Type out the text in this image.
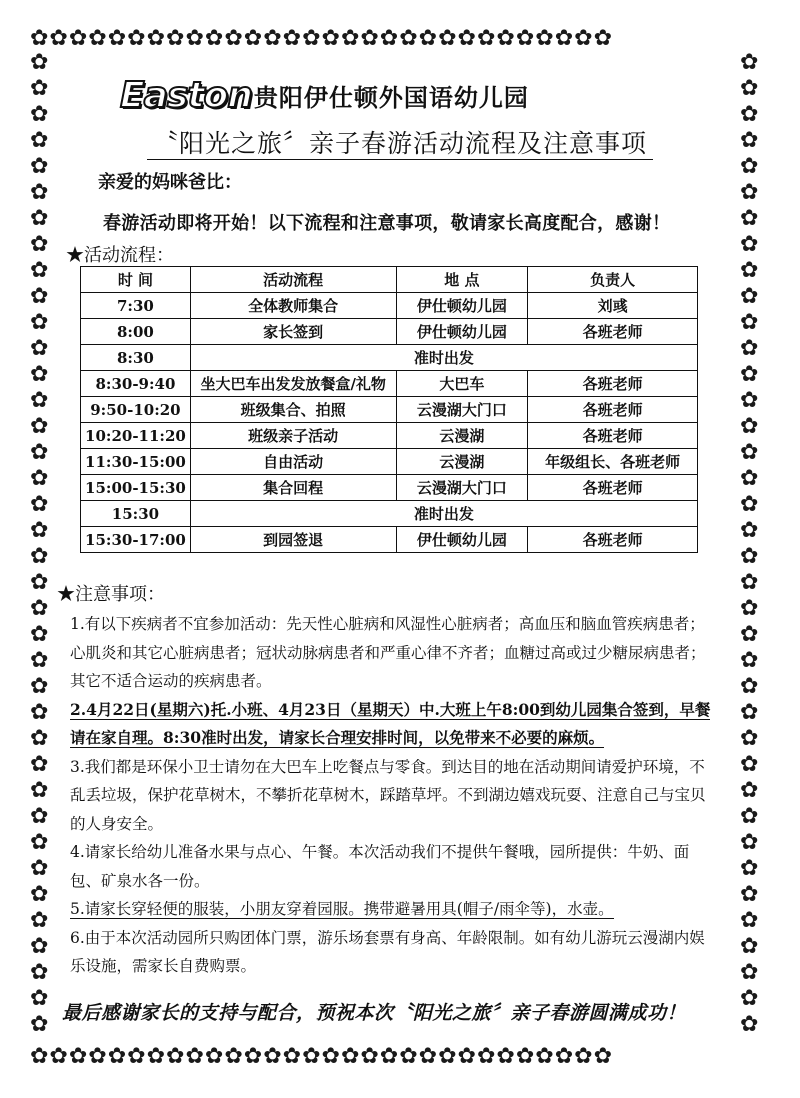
✿✿✿✿✿✿✿✿✿✿✿✿✿✿✿✿✿✿✿✿✿✿✿✿✿✿✿✿✿✿
✿✿✿✿✿✿✿✿✿✿✿✿✿✿✿✿✿✿✿✿✿✿✿✿✿✿✿✿✿✿
✿
✿
✿
✿
✿
✿
✿
✿
✿
✿
✿
✿
✿
✿
✿
✿
✿
✿
✿
✿
✿
✿
✿
✿
✿
✿
✿
✿
✿
✿
✿
✿
✿
✿
✿
✿
✿
✿
✿
✿
✿
✿
✿
✿
✿
✿
✿
✿
✿
✿
✿
✿
✿
✿
✿
✿
✿
✿
✿
✿
✿
✿
✿
✿
✿
✿
✿
✿
✿
✿
✿
✿
✿
✿
✿
✿
Easton 贵阳伊仕顿外国语幼儿园
〝阳光之旅〞亲子春游活动流程及注意事项
亲爱的妈咪爸比：
春游活动即将开始！以下流程和注意事项，敬请家长高度配合，感谢！
★活动流程：
时 间	活动流程	地 点	负责人
7:30	全体教师集合	伊仕顿幼儿园	刘彧
8:00	家长签到	伊仕顿幼儿园	各班老师
8:30	准时出发		
8:30-9:40	坐大巴车出发发放餐盒/礼物	大巴车	各班老师
9:50-10:20	班级集合、拍照	云漫湖大门口	各班老师
10:20-11:20	班级亲子活动	云漫湖	各班老师
11:30-15:00	自由活动	云漫湖	年级组长、各班老师
15:00-15:30	集合回程	云漫湖大门口	各班老师
15:30	准时出发		
15:30-17:00	到园签退	伊仕顿幼儿园	各班老师
★注意事项：

1.有以下疾病者不宜参加活动：先天性心脏病和风湿性心脏病者；高血压和脑血管疾病患者；心肌炎和其它心脏病患者；冠状动脉病患者和严重心律不齐者；血糖过高或过少糖尿病患者；其它不适合运动的疾病患者。

2.4月22日(星期六)托.小班、4月23日（星期天）中.大班上午8:00到幼儿园集合签到，早餐请在家自理。8:30准时出发，请家长合理安排时间，以免带来不必要的麻烦。

3.我们都是环保小卫士请勿在大巴车上吃餐点与零食。到达目的地在活动期间请爱护环境，不乱丢垃圾，保护花草树木，不攀折花草树木，踩踏草坪。不到湖边嬉戏玩耍、注意自己与宝贝的人身安全。

4.请家长给幼儿准备水果与点心、午餐。本次活动我们不提供午餐哦，园所提供：牛奶、面包、矿泉水各一份。

5.请家长穿轻便的服装，小朋友穿着园服。携带避暑用具(帽子/雨伞等)，水壶。

6.由于本次活动园所只购团体门票，游乐场套票有身高、年龄限制。如有幼儿游玩云漫湖内娱乐设施，需家长自费购票。

最后感谢家长的支持与配合，预祝本次〝阳光之旅〞亲子春游圆满成功！
